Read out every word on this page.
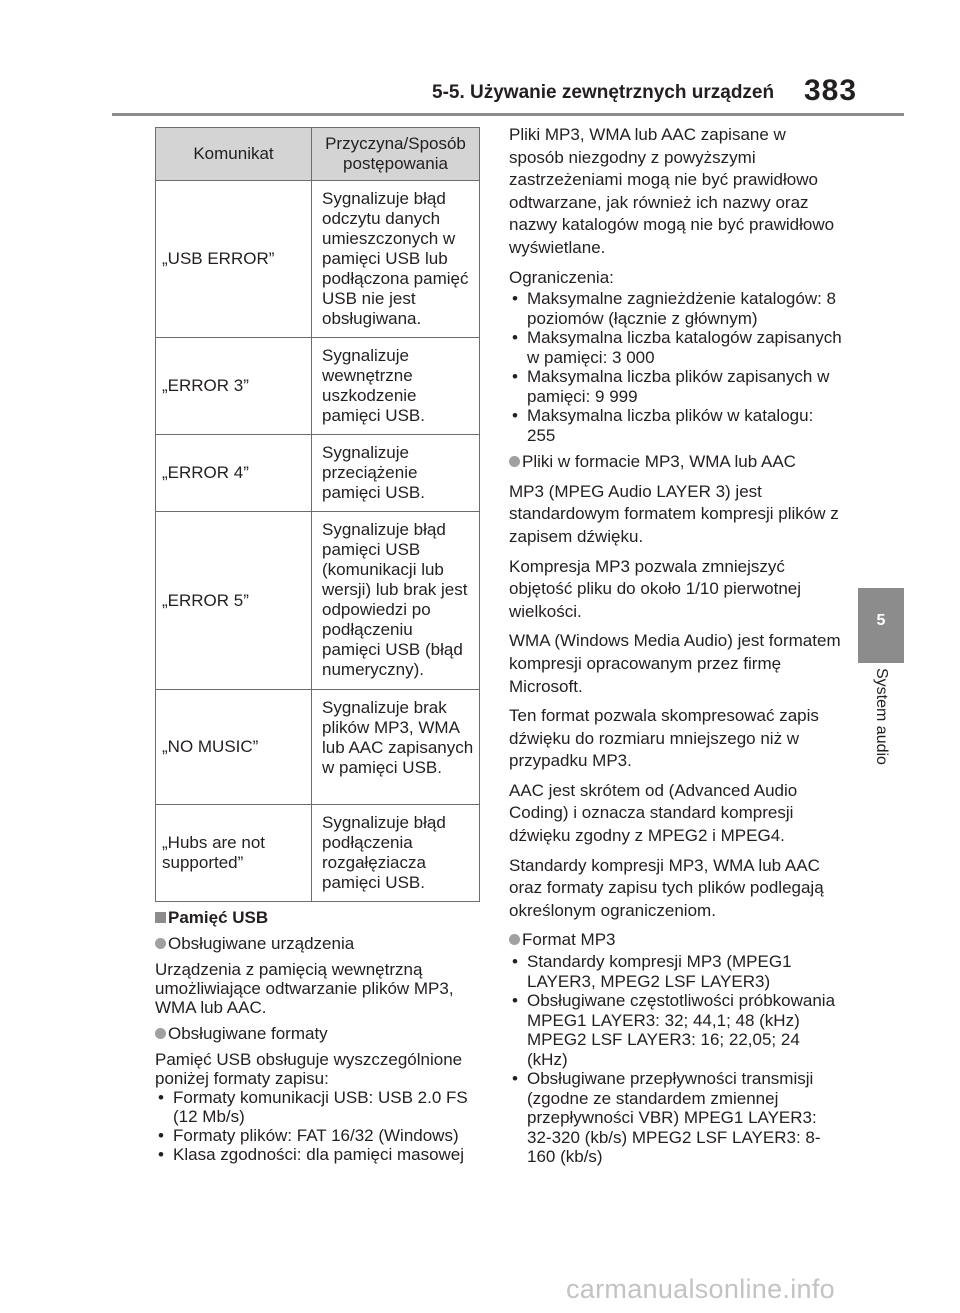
5-5. Używanie zewnętrznych urządzeń 383
5
System audio
Komunikat	Przyczyna/Sposób postępowania
„USB ERROR”	Sygnalizuje błąd odczytu danych umieszczonych w pamięci USB lub podłączona pamięć USB nie jest obsługiwana.
„ERROR 3”	Sygnalizuje wewnętrzne uszkodzenie pamięci USB.
„ERROR 4”	Sygnalizuje przeciążenie pamięci USB.
„ERROR 5”	Sygnalizuje błąd pamięci USB (komunikacji lub wersji) lub brak jest odpowiedzi po podłączeniu pamięci USB (błąd numeryczny).
„NO MUSIC”	Sygnalizuje brak plików MP3, WMA lub AAC zapisanych w pamięci USB.
„Hubs are not supported”	Sygnalizuje błąd podłączenia rozgałęziacza pamięci USB.

Pamięć USB

Obsługiwane urządzenia

Urządzenia z pamięcią wewnętrzną umożliwiające odtwarzanie plików MP3, WMA lub AAC.

Obsługiwane formaty

Pamięć USB obsługuje wyszczególnione poniżej formaty zapisu:

• Formaty komunikacji USB: USB 2.0 FS (12 Mb/s)
• Formaty plików: FAT 16/32 (Windows)
• Klasa zgodności: dla pamięci masowej

Pliki MP3, WMA lub AAC zapisane w sposób niezgodny z powyższymi zastrzeżeniami mogą nie być prawidłowo odtwarzane, jak również ich nazwy oraz nazwy katalogów mogą nie być prawidłowo wyświetlane.

Ograniczenia:

• Maksymalne zagnieżdżenie katalogów: 8 poziomów (łącznie z głównym)
• Maksymalna liczba katalogów zapisanych w pamięci: 3 000
• Maksymalna liczba plików zapisanych w pamięci: 9 999
• Maksymalna liczba plików w katalogu: 255

Pliki w formacie MP3, WMA lub AAC

MP3 (MPEG Audio LAYER 3) jest standardowym formatem kompresji plików z zapisem dźwięku.

Kompresja MP3 pozwala zmniejszyć objętość pliku do około 1/10 pierwotnej wielkości.

WMA (Windows Media Audio) jest formatem kompresji opracowanym przez firmę Microsoft.

Ten format pozwala skompresować zapis dźwięku do rozmiaru mniejszego niż w przypadku MP3.

AAC jest skrótem od (Advanced Audio Coding) i oznacza standard kompresji dźwięku zgodny z MPEG2 i MPEG4.

Standardy kompresji MP3, WMA lub AAC oraz formaty zapisu tych plików podlegają określonym ograniczeniom.

Format MP3

• Standardy kompresji MP3 (MPEG1 LAYER3, MPEG2 LSF LAYER3)
• Obsługiwane częstotliwości próbkowania MPEG1 LAYER3: 32; 44,1; 48 (kHz) MPEG2 LSF LAYER3: 16; 22,05; 24 (kHz)
• Obsługiwane przepływności transmisji (zgodne ze standardem zmiennej przepływności VBR) MPEG1 LAYER3: 32-320 (kb/s) MPEG2 LSF LAYER3: 8-160 (kb/s)
carmanualsonline.info
